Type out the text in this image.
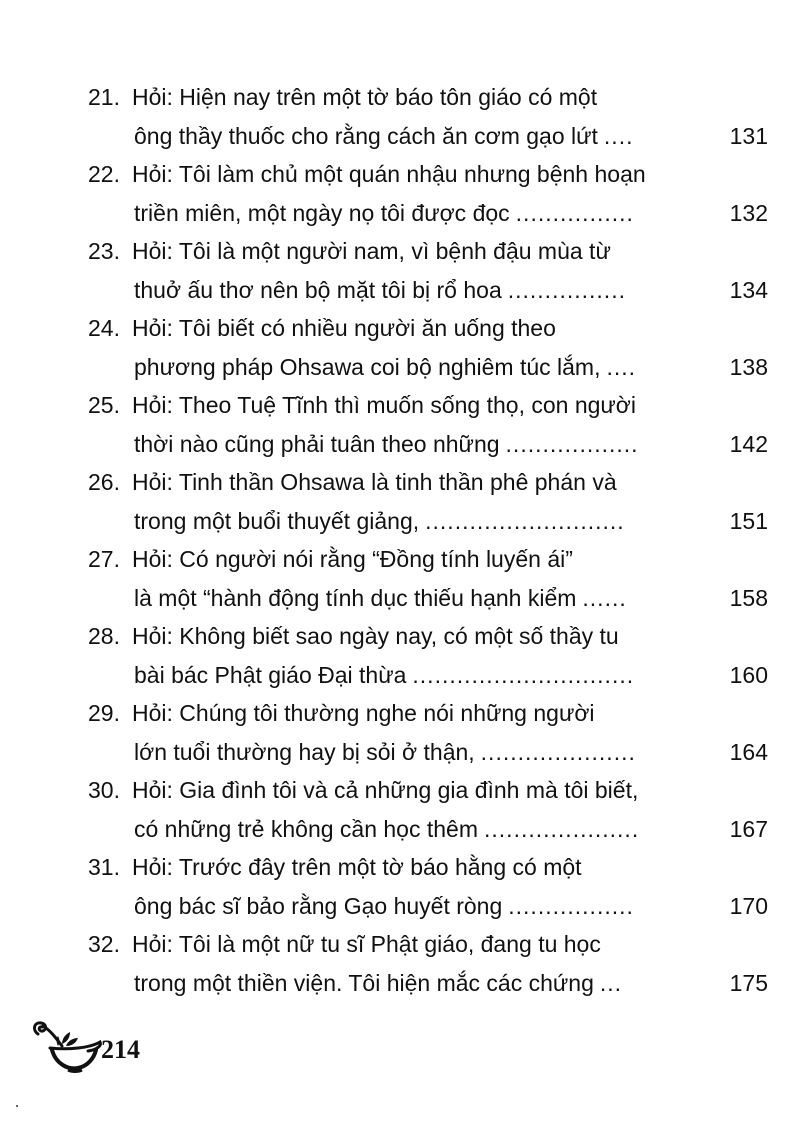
21. Hỏi: Hiện nay trên một tờ báo tôn giáo có một
ông thầy thuốc cho rằng cách ăn cơm gạo lứt ....	131
22. Hỏi: Tôi làm chủ một quán nhậu nhưng bệnh hoạn
triền miên, một ngày nọ tôi được đọc ................	132
23. Hỏi: Tôi là một người nam, vì bệnh đậu mùa từ
thuở ấu thơ nên bộ mặt tôi bị rổ hoa ................	134
24. Hỏi: Tôi biết có nhiều người ăn uống theo
phương pháp Ohsawa coi bộ nghiêm túc lắm, ....	138
25. Hỏi: Theo Tuệ Tĩnh thì muốn sống thọ, con người
thời nào cũng phải tuân theo những ..................	142
26. Hỏi: Tinh thần Ohsawa là tinh thần phê phán và
trong một buổi thuyết giảng, ...........................	151
27. Hỏi: Có người nói rằng “Đồng tính luyến ái”
là một “hành động tính dục thiếu hạnh kiểm ......	158
28. Hỏi: Không biết sao ngày nay, có một số thầy tu
bài bác Phật giáo Đại thừa ..............................	160
29. Hỏi: Chúng tôi thường nghe nói những người
lớn tuổi thường hay bị sỏi ở thận, .....................	164
30. Hỏi: Gia đình tôi và cả những gia đình mà tôi biết,
có những trẻ không cần học thêm .....................	167
31. Hỏi: Trước đây trên một tờ báo hằng có một
ông bác sĩ bảo rằng Gạo huyết ròng .................	170
32. Hỏi: Tôi là một nữ tu sĩ Phật giáo, đang tu học
trong một thiền viện. Tôi hiện mắc các chứng ...	175
214
